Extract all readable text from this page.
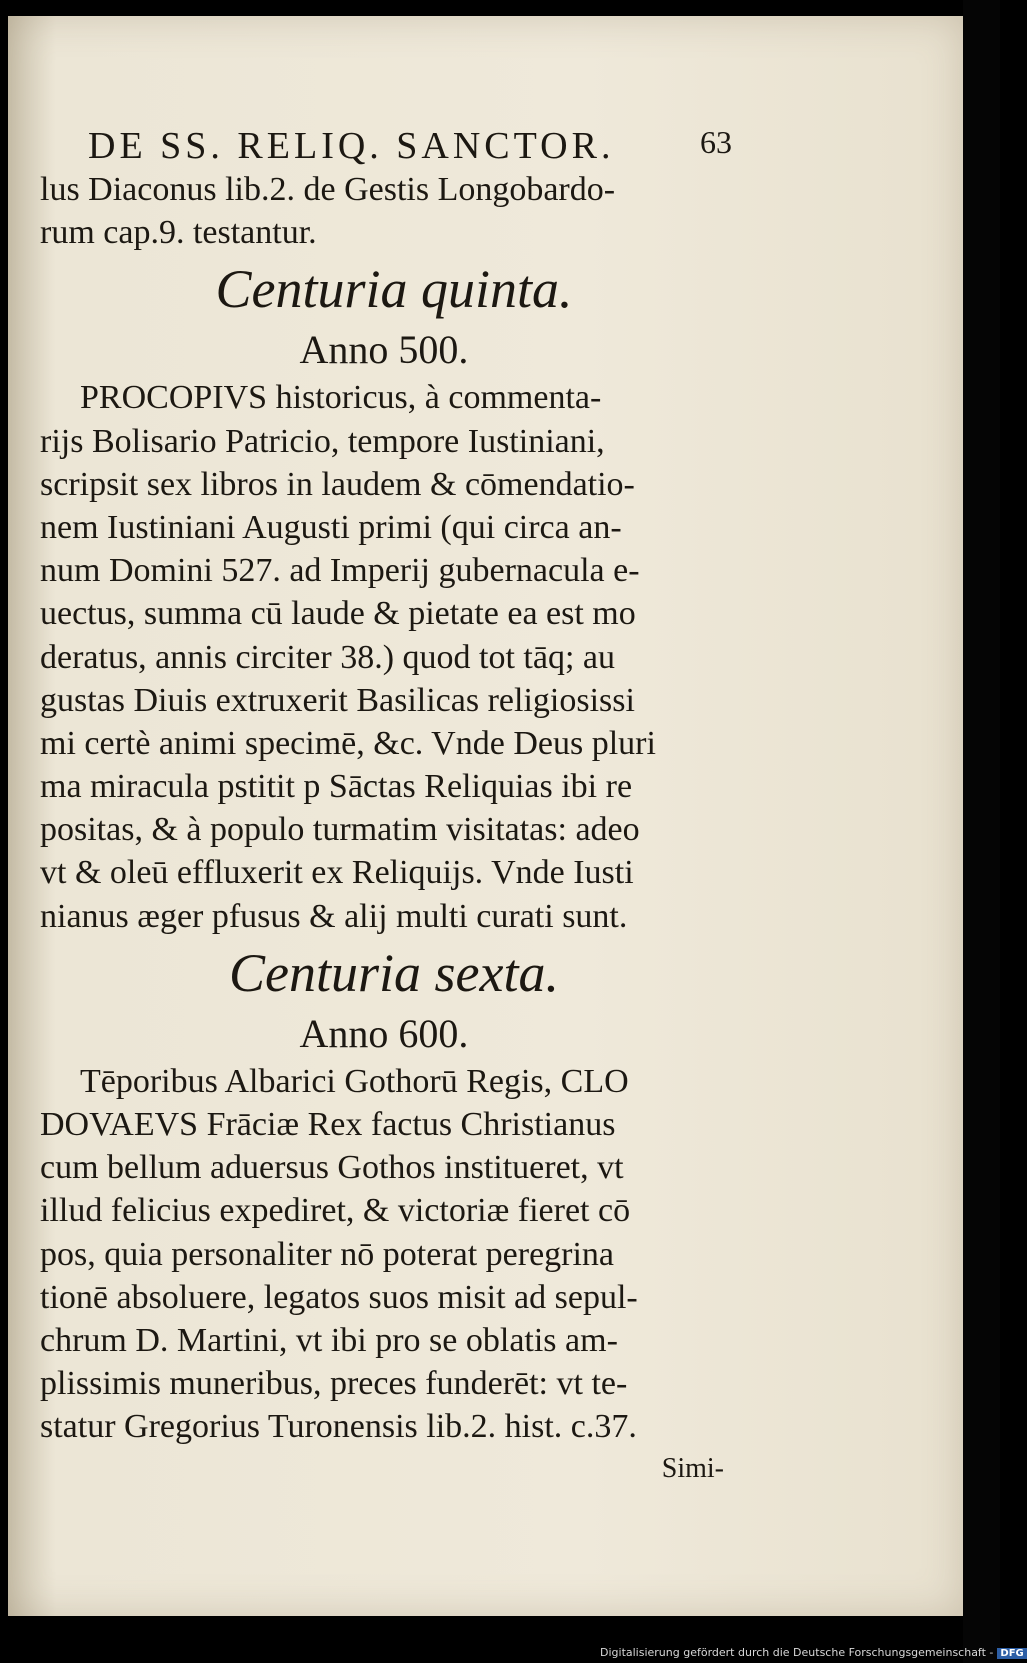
DE SS. RELIQ. SANCTOR.	63
lus Diaconus lib.2. de Gestis Longobardo-
rum cap.9. testantur.
Centuria quinta.
Anno 500.
PROCOPIVS historicus, à commenta-
rijs Bolisario Patricio, tempore Iustiniani,
scripsit sex libros in laudem & cōmendatio-
nem Iustiniani Augusti primi (qui circa an-
num Domini 527. ad Imperij gubernacula e-
uectus, summa cū laude & pietate ea est mo
deratus, annis circiter 38.) quod tot tāq; au
gustas Diuis extruxerit Basilicas religiosissi
mi certè animi specimē, &c. Vnde Deus pluri
ma miracula pstitit p Sāctas Reliquias ibi re
positas, & à populo turmatim visitatas: adeo
vt & oleū effluxerit ex Reliquijs. Vnde Iusti
nianus æger pfusus & alij multi curati sunt.
Centuria sexta.
Anno 600.
Tēporibus Albarici Gothorū Regis, CLO
DOVAEVS Frāciæ Rex factus Christianus
cum bellum aduersus Gothos institueret, vt
illud felicius expediret, & victoriæ fieret cō
pos, quia personaliter nō poterat peregrina
tionē absoluere, legatos suos misit ad sepul-
chrum D. Martini, vt ibi pro se oblatis am-
plissimis muneribus, preces funderēt: vt te-
statur Gregorius Turonensis lib.2. hist. c.37.
Simi-
Digitalisierung gefördert durch die Deutsche Forschungsgemeinschaft - DFG
